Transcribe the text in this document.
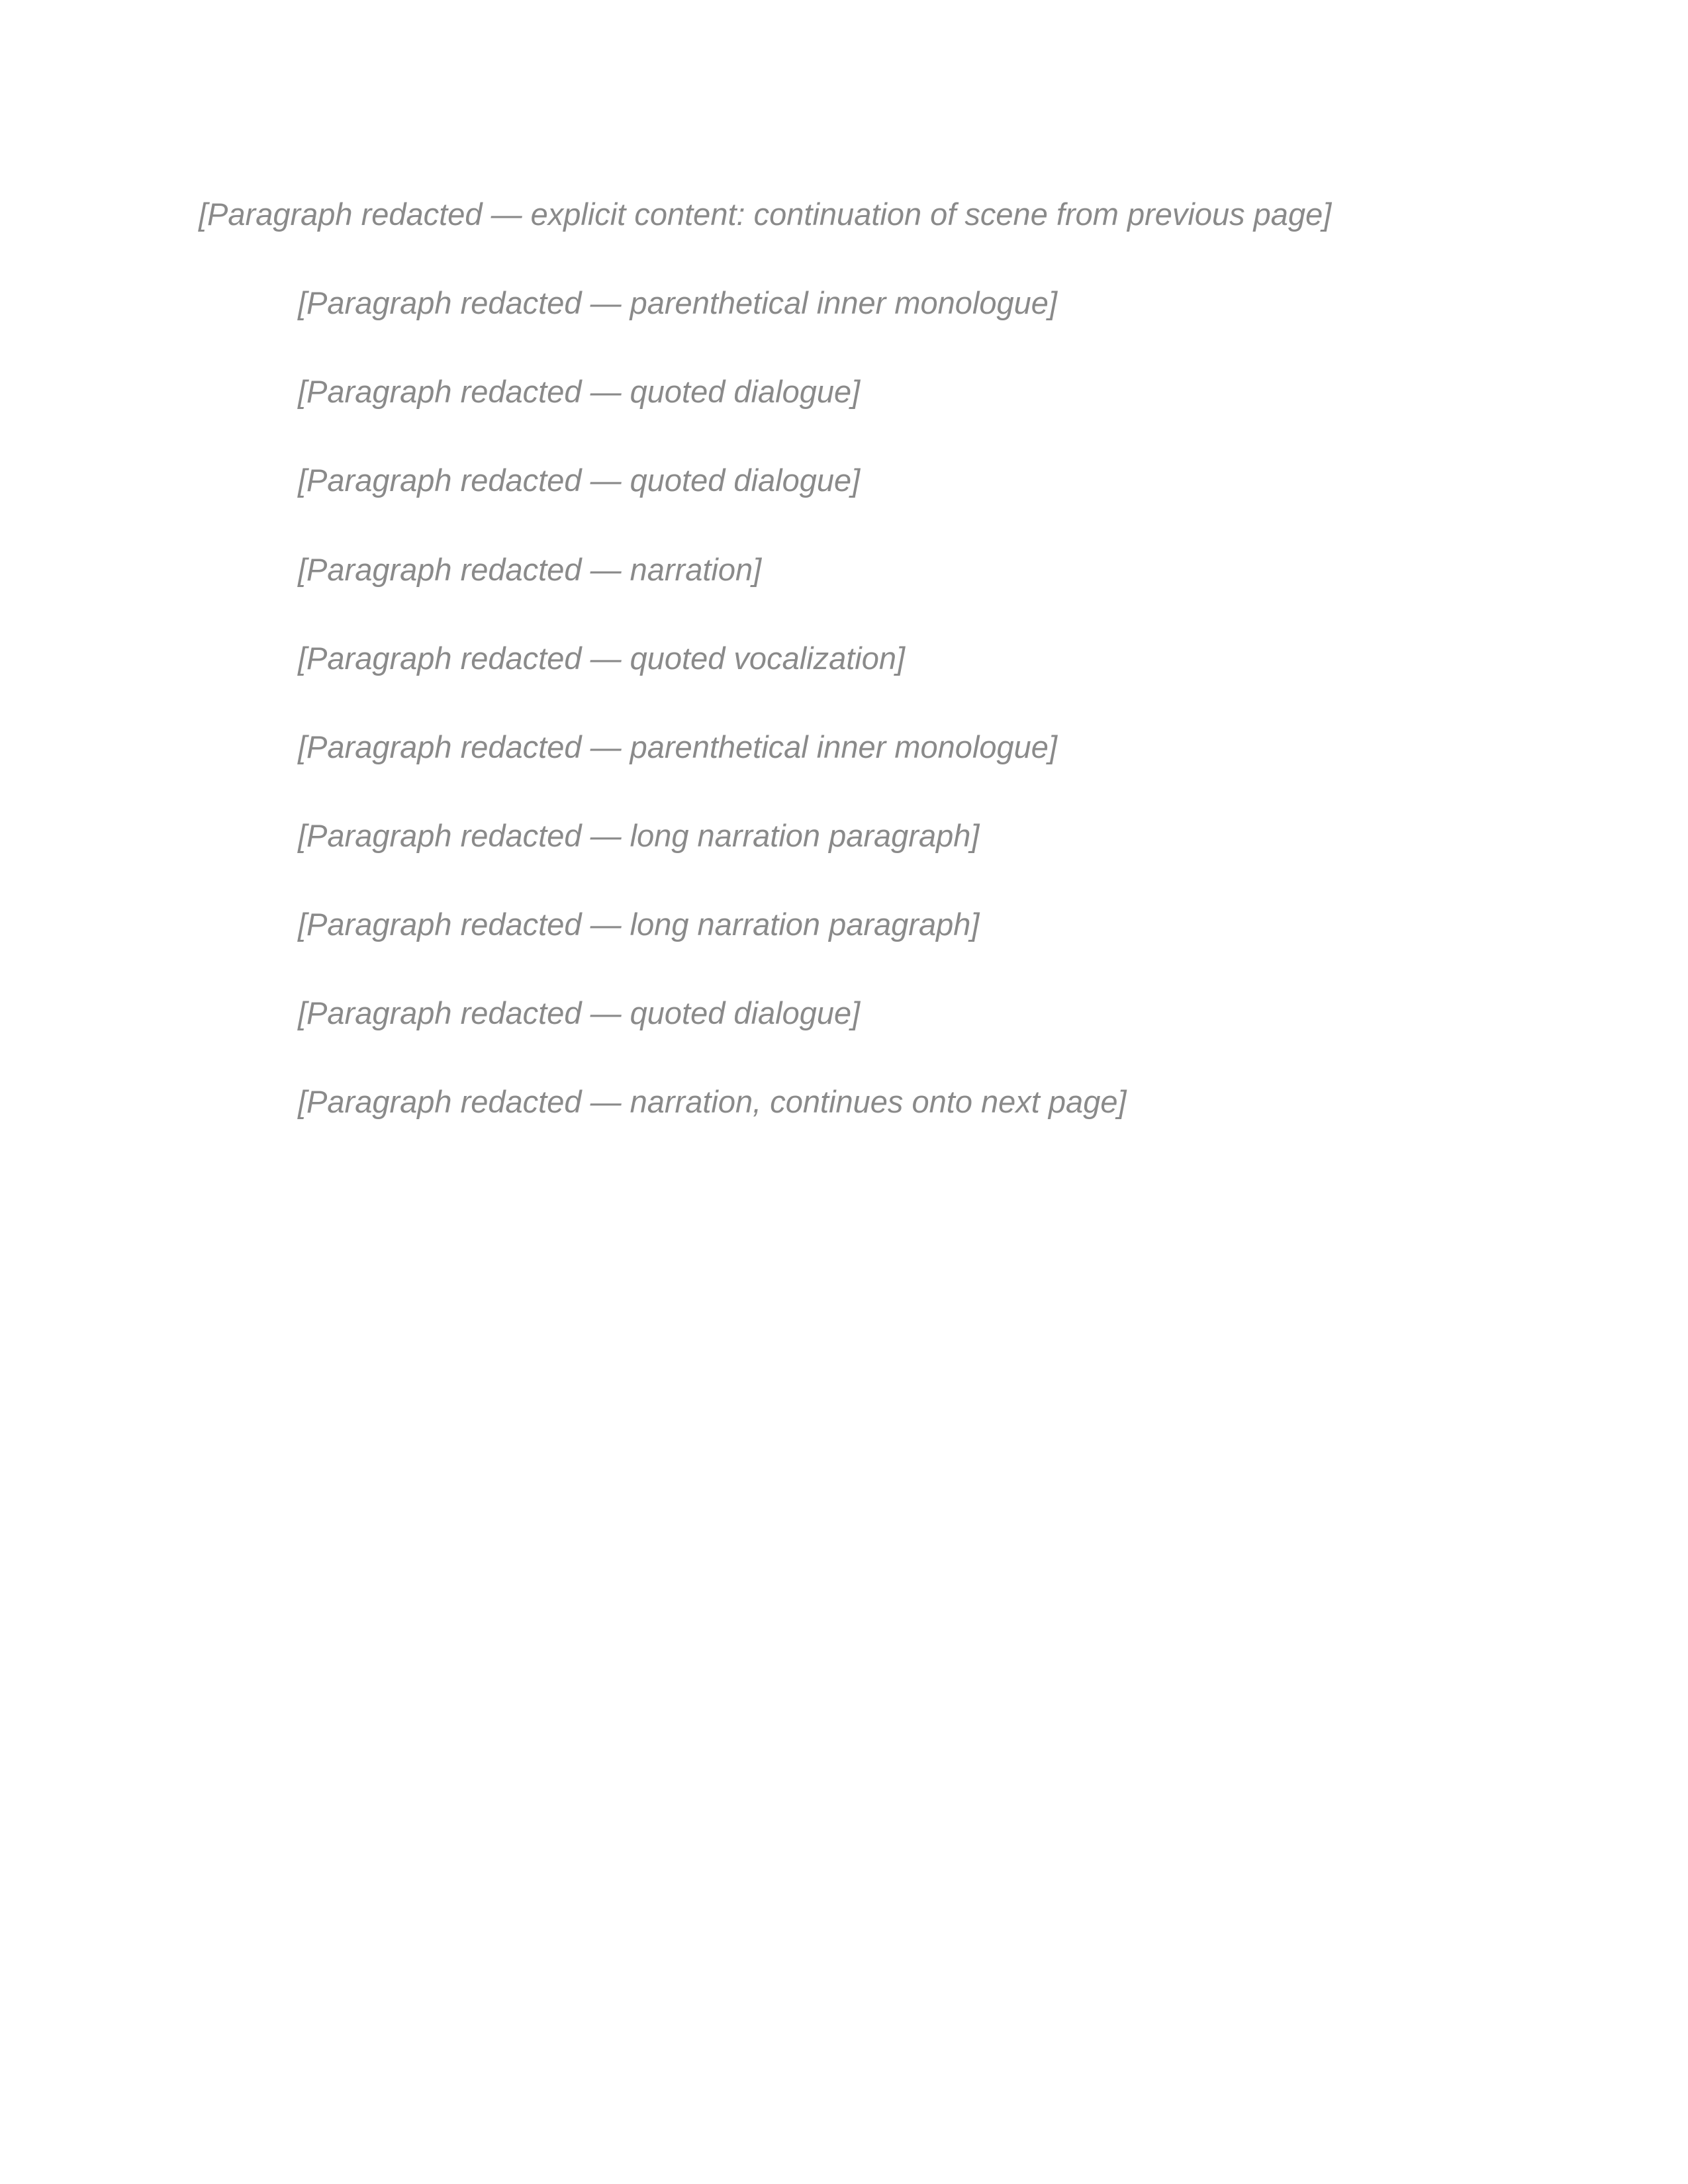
[Paragraph redacted — explicit content: continuation of scene from previous page]

[Paragraph redacted — parenthetical inner monologue]

[Paragraph redacted — quoted dialogue]

[Paragraph redacted — quoted dialogue]

[Paragraph redacted — narration]

[Paragraph redacted — quoted vocalization]

[Paragraph redacted — parenthetical inner monologue]

[Paragraph redacted — long narration paragraph]

[Paragraph redacted — long narration paragraph]

[Paragraph redacted — quoted dialogue]

[Paragraph redacted — narration, continues onto next page]
